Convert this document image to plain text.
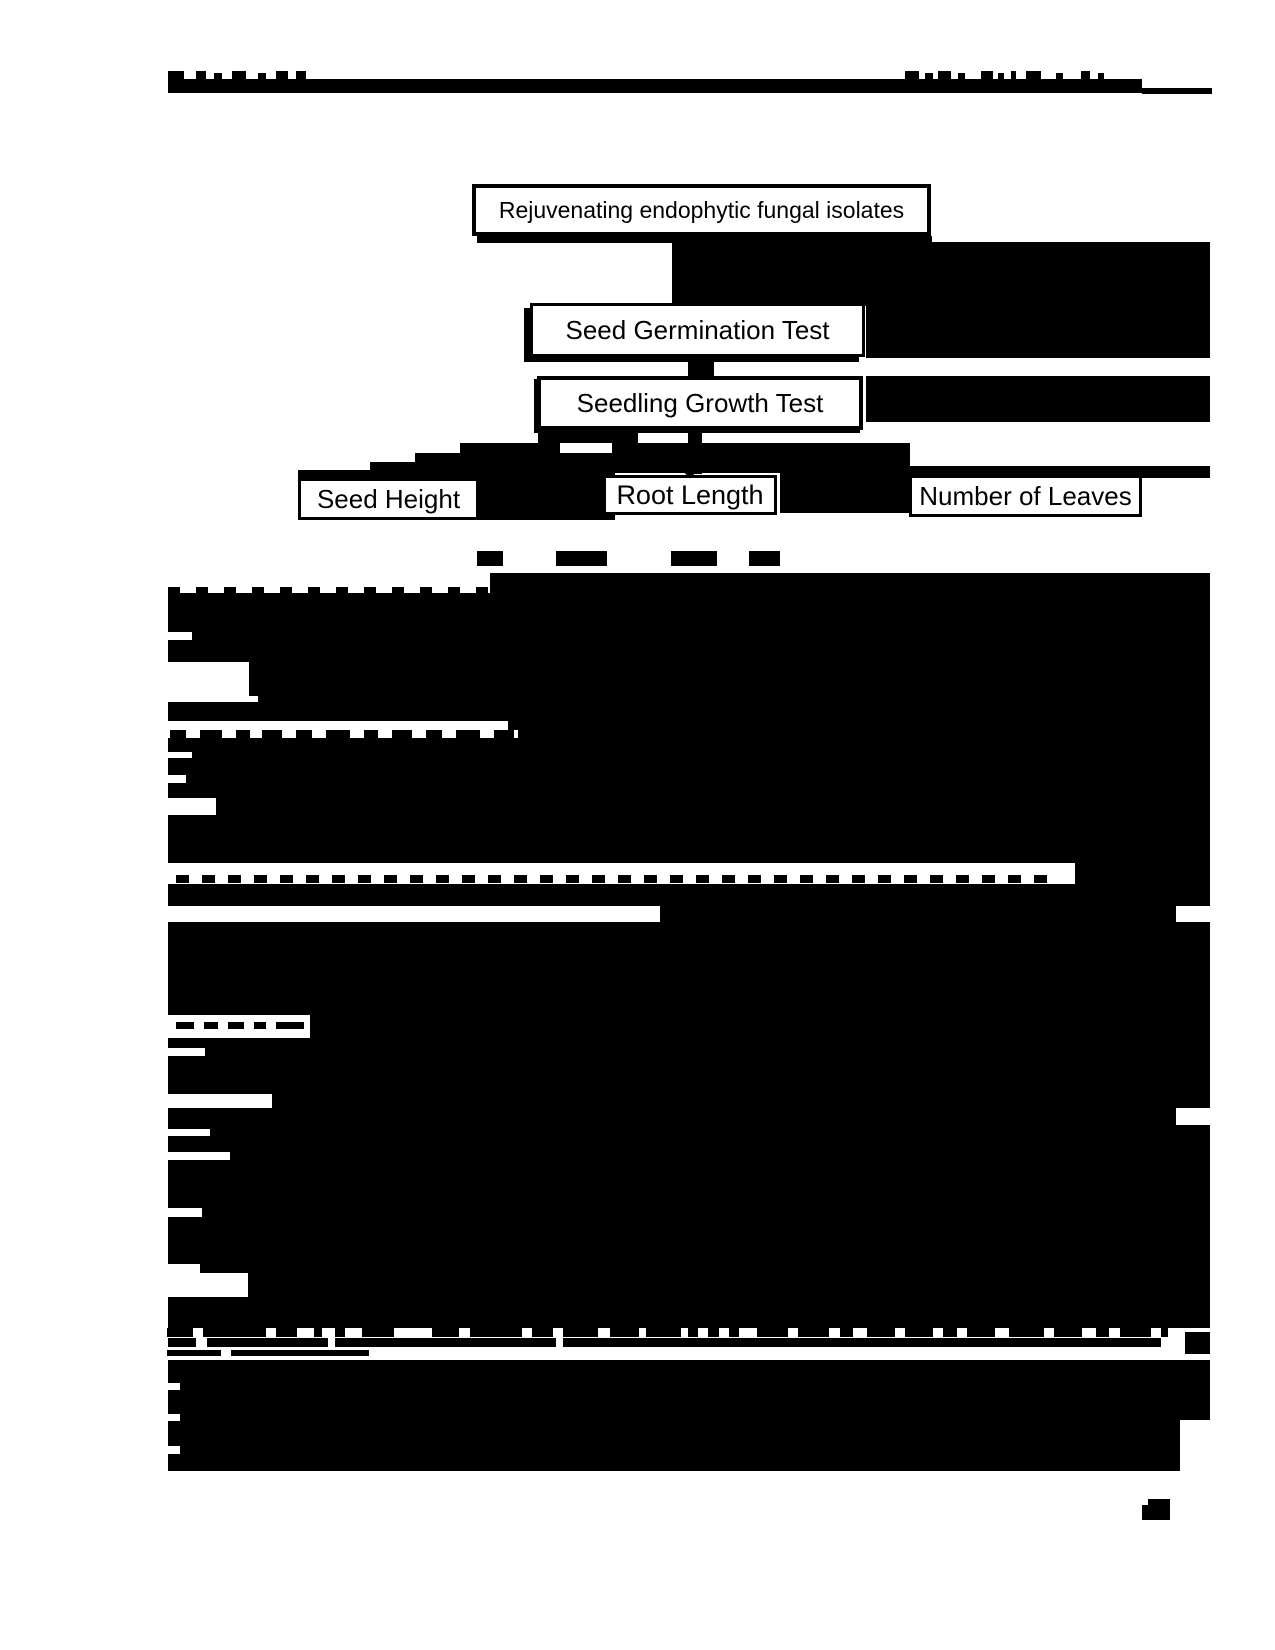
Rejuvenating endophytic fungal isolates
Seed Germination Test
Seedling Growth Test
Seed Height	Root Length	Number of Leaves
